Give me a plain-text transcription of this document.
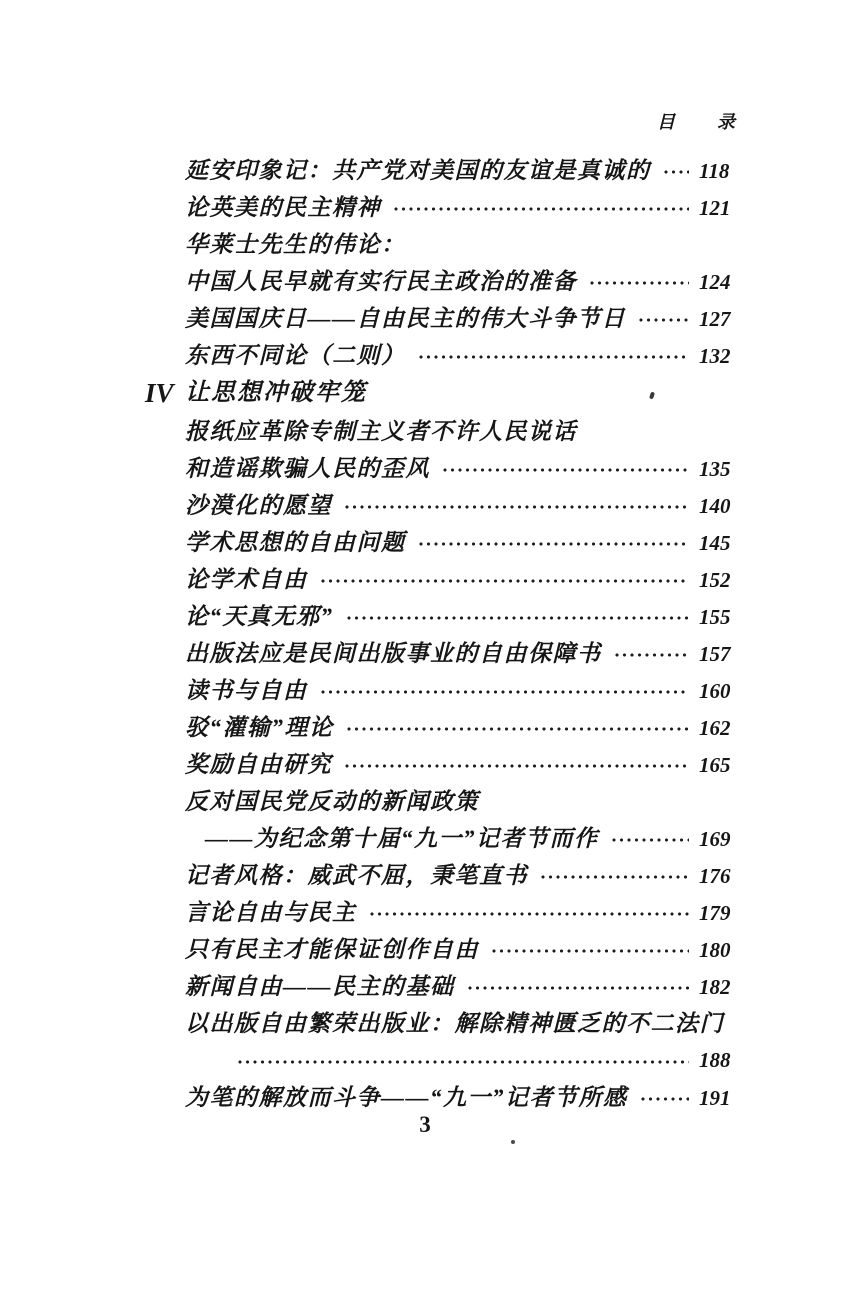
目　　录
延安印象记：共产党对美国的友谊是真诚的 118
论英美的民主精神	121
华莱士先生的伟论：
中国人民早就有实行民主政治的准备	124
美国国庆日——自由民主的伟大斗争节日	127
东西不同论（二则）	132
IV 让思想冲破牢笼
报纸应革除专制主义者不许人民说话
和造谣欺骗人民的歪风	135
沙漠化的愿望	140
学术思想的自由问题	145
论学术自由	152
论“天真无邪”	155
出版法应是民间出版事业的自由保障书	157
读书与自由	160
驳“灌输”理论	162
奖励自由研究	165
反对国民党反动的新闻政策
——为纪念第十届“九一”记者节而作	169
记者风格：威武不屈，秉笔直书	176
言论自由与民主	179
只有民主才能保证创作自由	180
新闻自由——民主的基础	182
以出版自由繁荣出版业：解除精神匮乏的不二法门
188
为笔的解放而斗争——“九一”记者节所感	191
3
